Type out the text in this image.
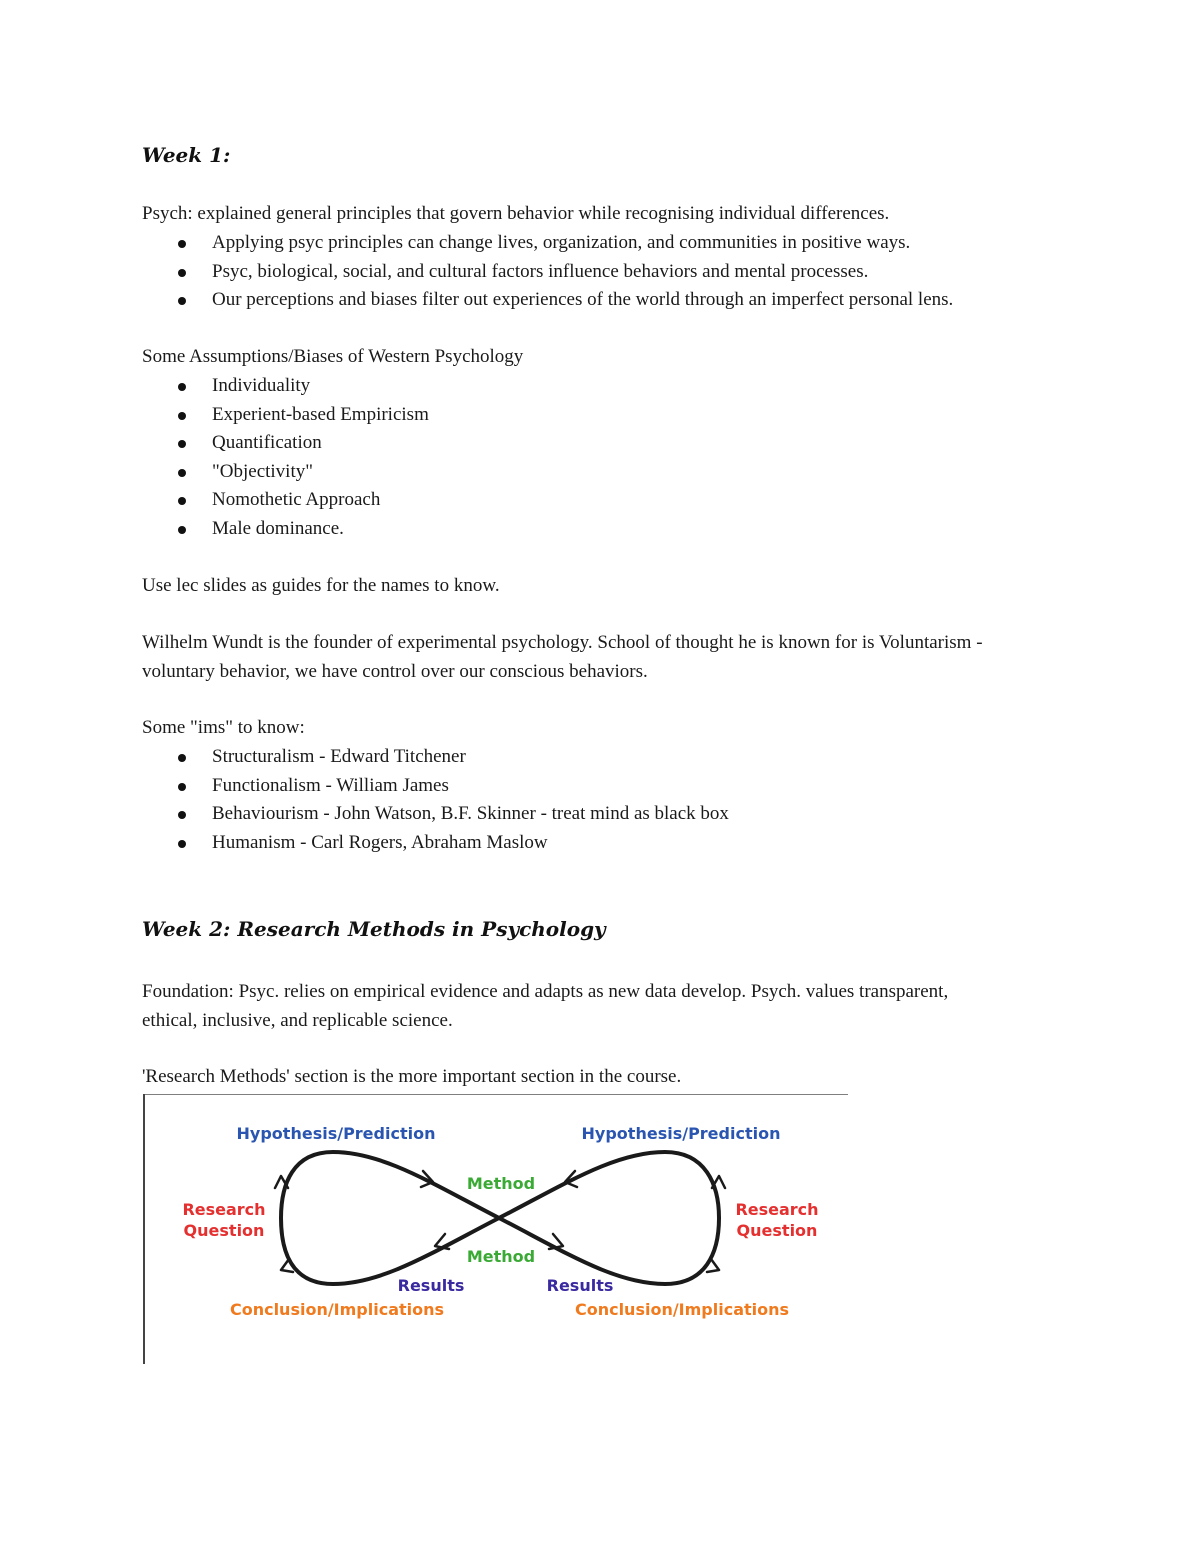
Week 1:

Psych: explained general principles that govern behavior while recognising individual differences.

Applying psyc principles can change lives, organization, and communities in positive ways.
Psyc, biological, social, and cultural factors influence behaviors and mental processes.
Our perceptions and biases filter out experiences of the world through an imperfect personal lens.

Some Assumptions/Biases of Western Psychology

Individuality
Experient-based Empiricism
Quantification
"Objectivity"
Nomothetic Approach
Male dominance.

Use lec slides as guides for the names to know.

Wilhelm Wundt is the founder of experimental psychology. School of thought he is known for is Voluntarism - voluntary behavior, we have control over our conscious behaviors.

Some "ims" to know:

Structuralism - Edward Titchener
Functionalism - William James
Behaviourism - John Watson, B.F. Skinner - treat mind as black box
Humanism - Carl Rogers, Abraham Maslow
Week 2: Research Methods in Psychology

Foundation: Psyc. relies on empirical evidence and adapts as new data develop. Psych. values transparent, ethical, inclusive, and replicable science.

'Research Methods' section is the more important section in the course.

Hypothesis/Prediction	Hypothesis/Prediction
Method
Method
Research
Question
Research
Question
Results	Results
Conclusion/Implications	Conclusion/Implications
